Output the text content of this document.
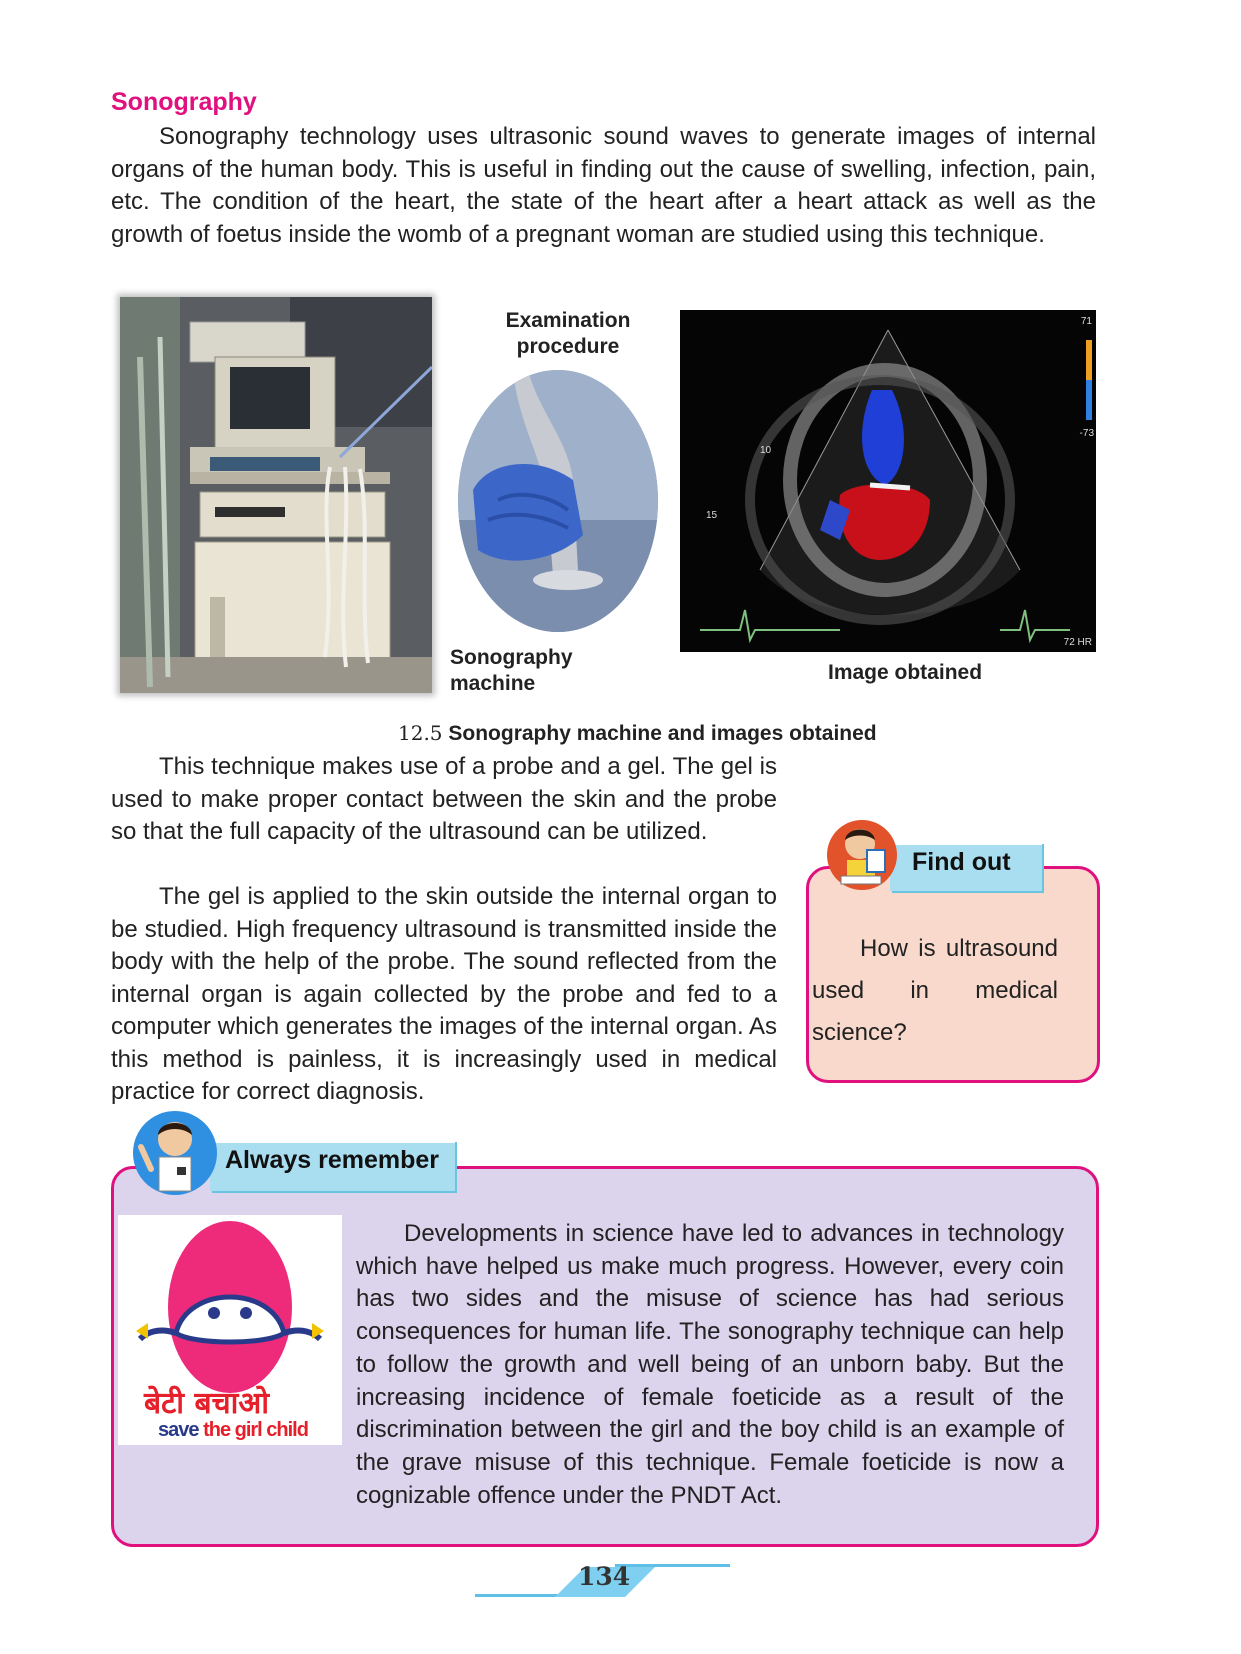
Sonography
Sonography technology uses ultrasonic sound waves to generate images of internal organs of the human body. This is useful in finding out the cause of swelling, infection, pain, etc. The condition of the heart, the state of the heart after a heart attack as well as the growth of foetus inside the womb of a pregnant woman are studied using this technique.
Examination procedure
Sonography machine
71
-73
72 HR
10
15
Image obtained
12.5 Sonography machine and images obtained
This technique makes use of a probe and a gel. The gel is used to make proper contact between the skin and the probe so that the full capacity of the ultrasound can be utilized.
The gel is applied to the skin outside the internal organ to be studied. High frequency ultrasound is transmitted inside the body with the help of the probe. The sound reflected from the internal organ is again collected by the probe and fed to a computer which generates the images of the internal organ. As this method is painless, it is increasingly used in medical practice for correct diagnosis.
Find out
How is ultrasound used in medical science?
Always remember
बेटी बचाओ
save the girl child
Developments in science have led to advances in technology which have helped us make much progress. However, every coin has two sides and the misuse of science has had serious consequences for human life. The sonography technique can help to follow the growth and well being of an unborn baby. But the increasing incidence of female foeticide as a result of the discrimination between the girl and the boy child is an example of the grave misuse of this technique. Female foeticide is now a cognizable offence under the PNDT Act.
134
